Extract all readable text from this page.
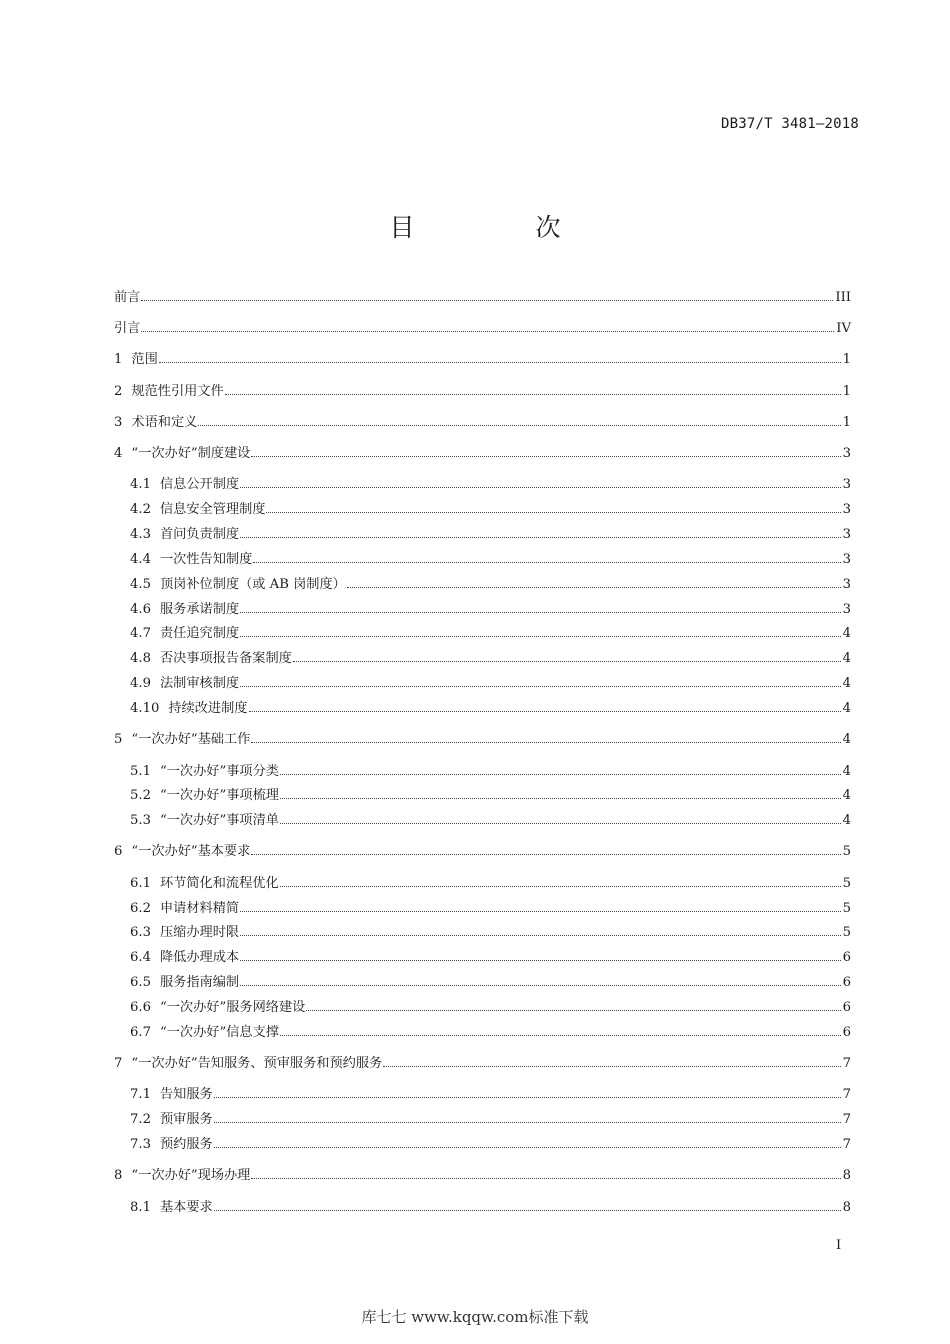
DB37/T 3481—2018
目　次
前言	III
引言	IV
1 范围	1
2 规范性引用文件	1
3 术语和定义	1
4 “一次办好”制度建设	3
4.1 信息公开制度	3
4.2 信息安全管理制度	3
4.3 首问负责制度	3
4.4 一次性告知制度	3
4.5 顶岗补位制度（或 AB 岗制度）	3
4.6 服务承诺制度	3
4.7 责任追究制度	4
4.8 否决事项报告备案制度	4
4.9 法制审核制度	4
4.10 持续改进制度	4
5 “一次办好”基础工作	4
5.1 “一次办好”事项分类	4
5.2 “一次办好”事项梳理	4
5.3 “一次办好”事项清单	4
6 “一次办好”基本要求	5
6.1 环节简化和流程优化	5
6.2 申请材料精简	5
6.3 压缩办理时限	5
6.4 降低办理成本	6
6.5 服务指南编制	6
6.6 “一次办好”服务网络建设	6
6.7 “一次办好”信息支撑	6
7 “一次办好”告知服务、预审服务和预约服务	7
7.1 告知服务	7
7.2 预审服务	7
7.3 预约服务	7
8 “一次办好”现场办理	8
8.1 基本要求	8
I
库七七 www.kqqw.com标准下载
